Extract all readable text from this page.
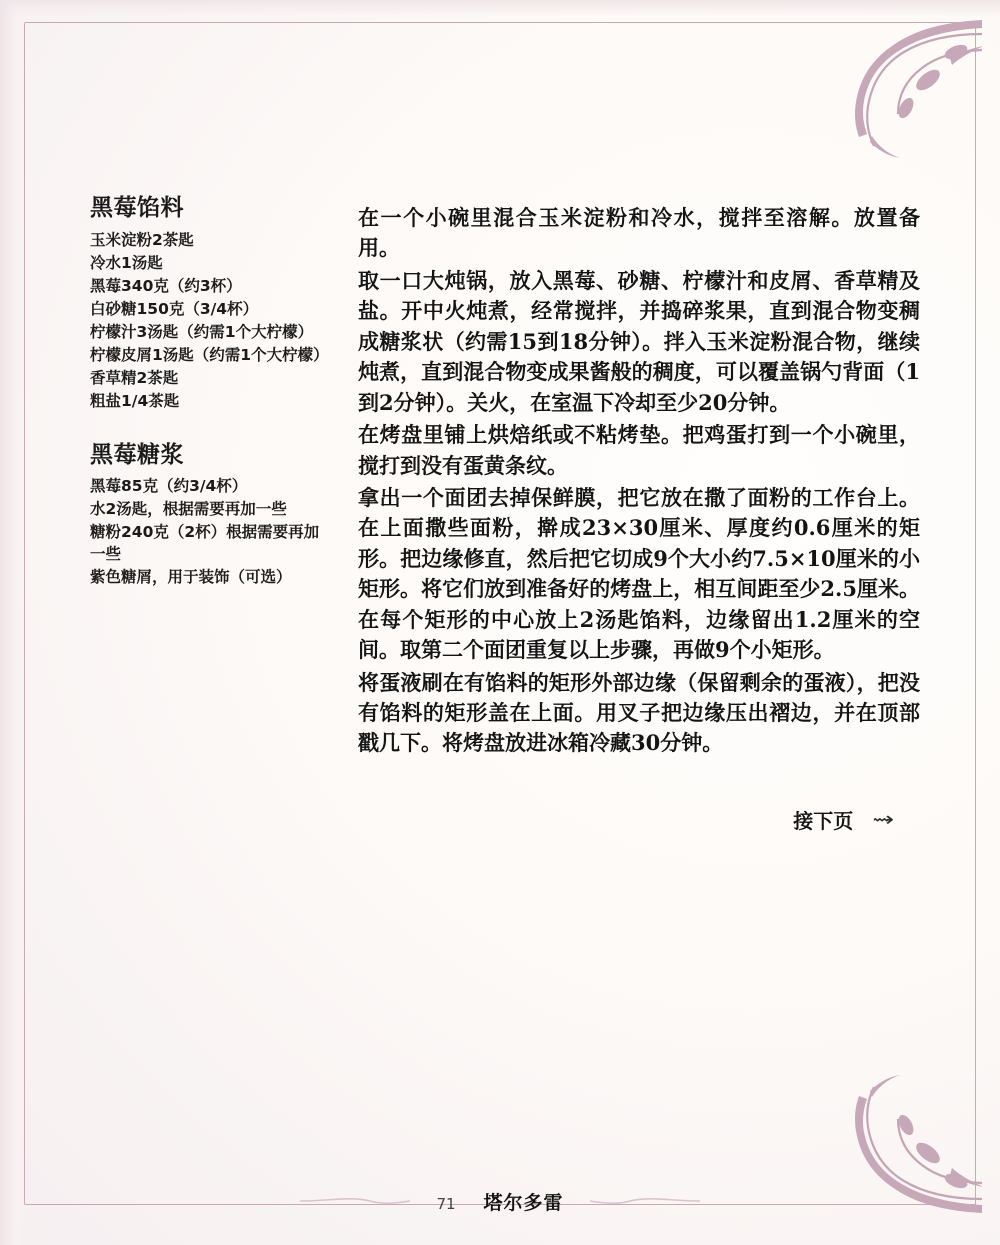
黑莓馅料
玉米淀粉2茶匙
冷水1汤匙
黑莓340克（约3杯）
白砂糖150克（3/4杯）
柠檬汁3汤匙（约需1个大柠檬）
柠檬皮屑1汤匙（约需1个大柠檬）
香草精2茶匙
粗盐1/4茶匙
黑莓糖浆
黑莓85克（约3/4杯）
水2汤匙，根据需要再加一些
糖粉240克（2杯）根据需要再加一些
紫色糖屑，用于装饰（可选）

在一个小碗里混合玉米淀粉和冷水，搅拌至溶解。放置备用。

取一口大炖锅，放入黑莓、砂糖、柠檬汁和皮屑、香草精及盐。开中火炖煮，经常搅拌，并捣碎浆果，直到混合物变稠成糖浆状（约需15到18分钟）。拌入玉米淀粉混合物，继续炖煮，直到混合物变成果酱般的稠度，可以覆盖锅勺背面（1到2分钟）。关火，在室温下冷却至少20分钟。

在烤盘里铺上烘焙纸或不粘烤垫。把鸡蛋打到一个小碗里，搅打到没有蛋黄条纹。

拿出一个面团去掉保鲜膜，把它放在撒了面粉的工作台上。在上面撒些面粉，擀成23×30厘米、厚度约0.6厘米的矩形。把边缘修直，然后把它切成9个大小约7.5×10厘米的小矩形。将它们放到准备好的烤盘上，相互间距至少2.5厘米。在每个矩形的中心放上2汤匙馅料，边缘留出1.2厘米的空间。取第二个面团重复以上步骤，再做9个小矩形。

将蛋液刷在有馅料的矩形外部边缘（保留剩余的蛋液），把没有馅料的矩形盖在上面。用叉子把边缘压出褶边，并在顶部戳几下。将烤盘放进冰箱冷藏30分钟。

接下页 ⇝
71 塔尔多雷
